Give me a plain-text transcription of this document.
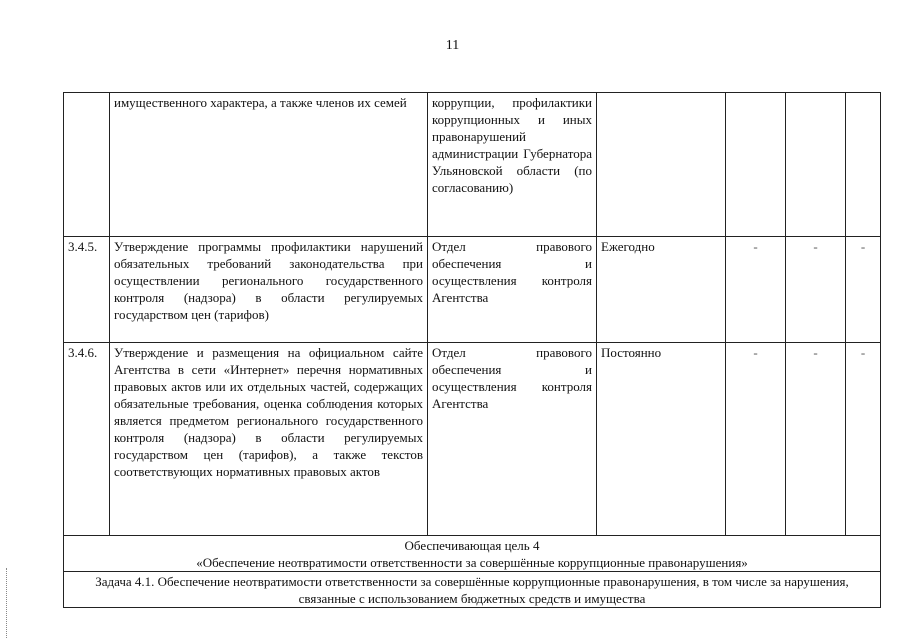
11
	имущественного характера, а также членов их семей	коррупции, профилактики коррупционных и иных правонарушений администрации Губернатора Ульяновской области (по согласованию)				
3.4.5.	Утверждение программы профилактики нарушений обязательных требований законодательства при осуществлении регионального государственного контроля (надзора) в области регулируемых государством цен (тарифов)	Отдел правового обеспечения и осуществления контроля Агентства	Ежегодно	-	-	-
3.4.6.	Утверждение и размещения на официальном сайте Агентства в сети «Интернет» перечня нормативных правовых актов или их отдельных частей, содержащих обязательные требования, оценка соблюдения которых является предметом регионального государственного контроля (надзора) в области регулируемых государством цен (тарифов), а также текстов соответствующих нормативных правовых актов	Отдел правового обеспечения и осуществления контроля Агентства	Постоянно	-	-	-

Обеспечивающая цель 4
«Обеспечение неотвратимости ответственности за совершённые коррупционные правонарушения»						

Задача 4.1. Обеспечение неотвратимости ответственности за совершённые коррупционные правонарушения, в том числе за нарушения, связанные с использованием бюджетных средств и имущества						
